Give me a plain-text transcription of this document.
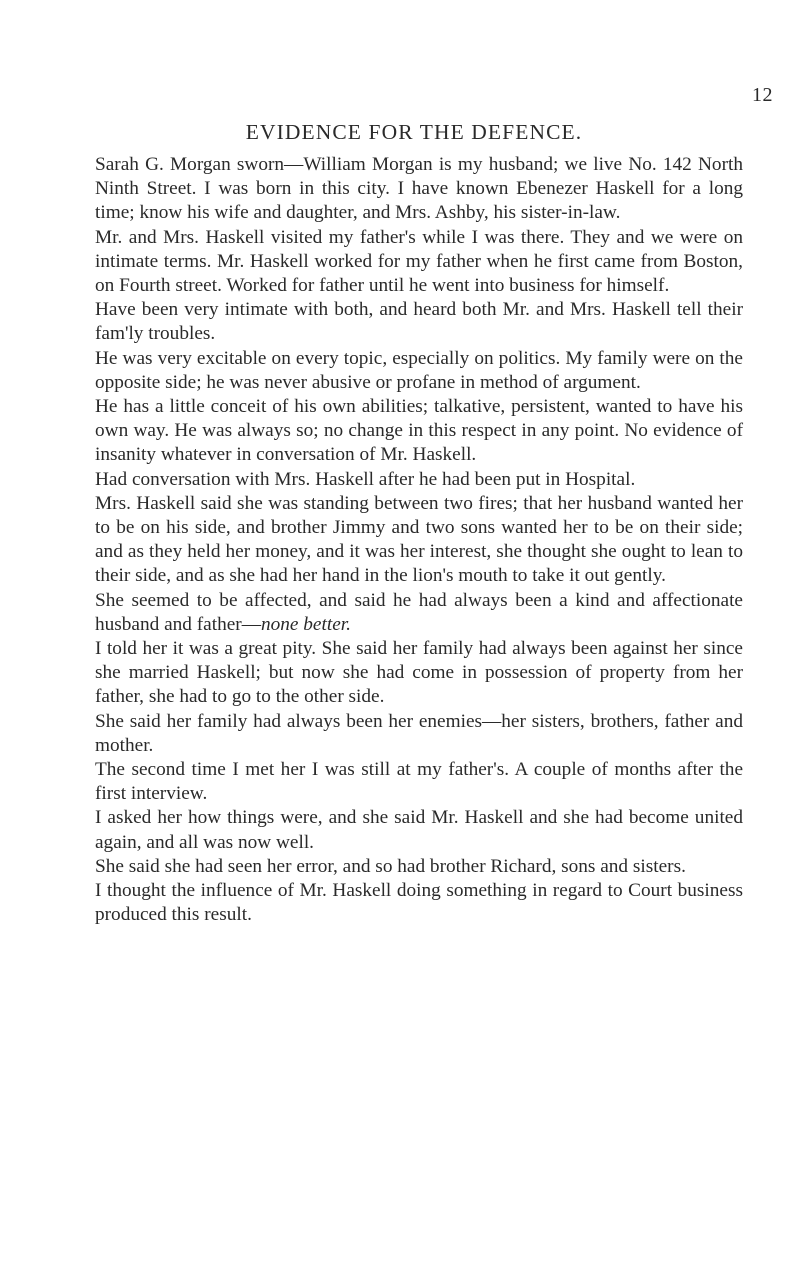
12
EVIDENCE FOR THE DEFENCE.

Sarah G. Morgan sworn—William Morgan is my husband; we live No. 142 North Ninth Street. I was born in this city. I have known Ebenezer Haskell for a long time; know his wife and daughter, and Mrs. Ashby, his sister-in-law.

Mr. and Mrs. Haskell visited my father's while I was there. They and we were on intimate terms. Mr. Haskell worked for my father when he first came from Boston, on Fourth street. Worked for father until he went into business for himself.

Have been very intimate with both, and heard both Mr. and Mrs. Haskell tell their fam'ly troubles.

He was very excitable on every topic, especially on politics. My family were on the opposite side; he was never abusive or profane in method of argument.

He has a little conceit of his own abilities; talkative, persistent, wanted to have his own way. He was always so; no change in this respect in any point. No evidence of insanity whatever in conversation of Mr. Haskell.

Had conversation with Mrs. Haskell after he had been put in Hospital.

Mrs. Haskell said she was standing between two fires; that her husband wanted her to be on his side, and brother Jimmy and two sons wanted her to be on their side; and as they held her money, and it was her interest, she thought she ought to lean to their side, and as she had her hand in the lion's mouth to take it out gently.

She seemed to be affected, and said he had always been a kind and affectionate husband and father—none better.

I told her it was a great pity. She said her family had always been against her since she married Haskell; but now she had come in possession of property from her father, she had to go to the other side.

She said her family had always been her enemies—her sisters, brothers, father and mother.

The second time I met her I was still at my father's. A couple of months after the first interview.

I asked her how things were, and she said Mr. Haskell and she had become united again, and all was now well.

She said she had seen her error, and so had brother Richard, sons and sisters.

I thought the influence of Mr. Haskell doing something in regard to Court business produced this result.
